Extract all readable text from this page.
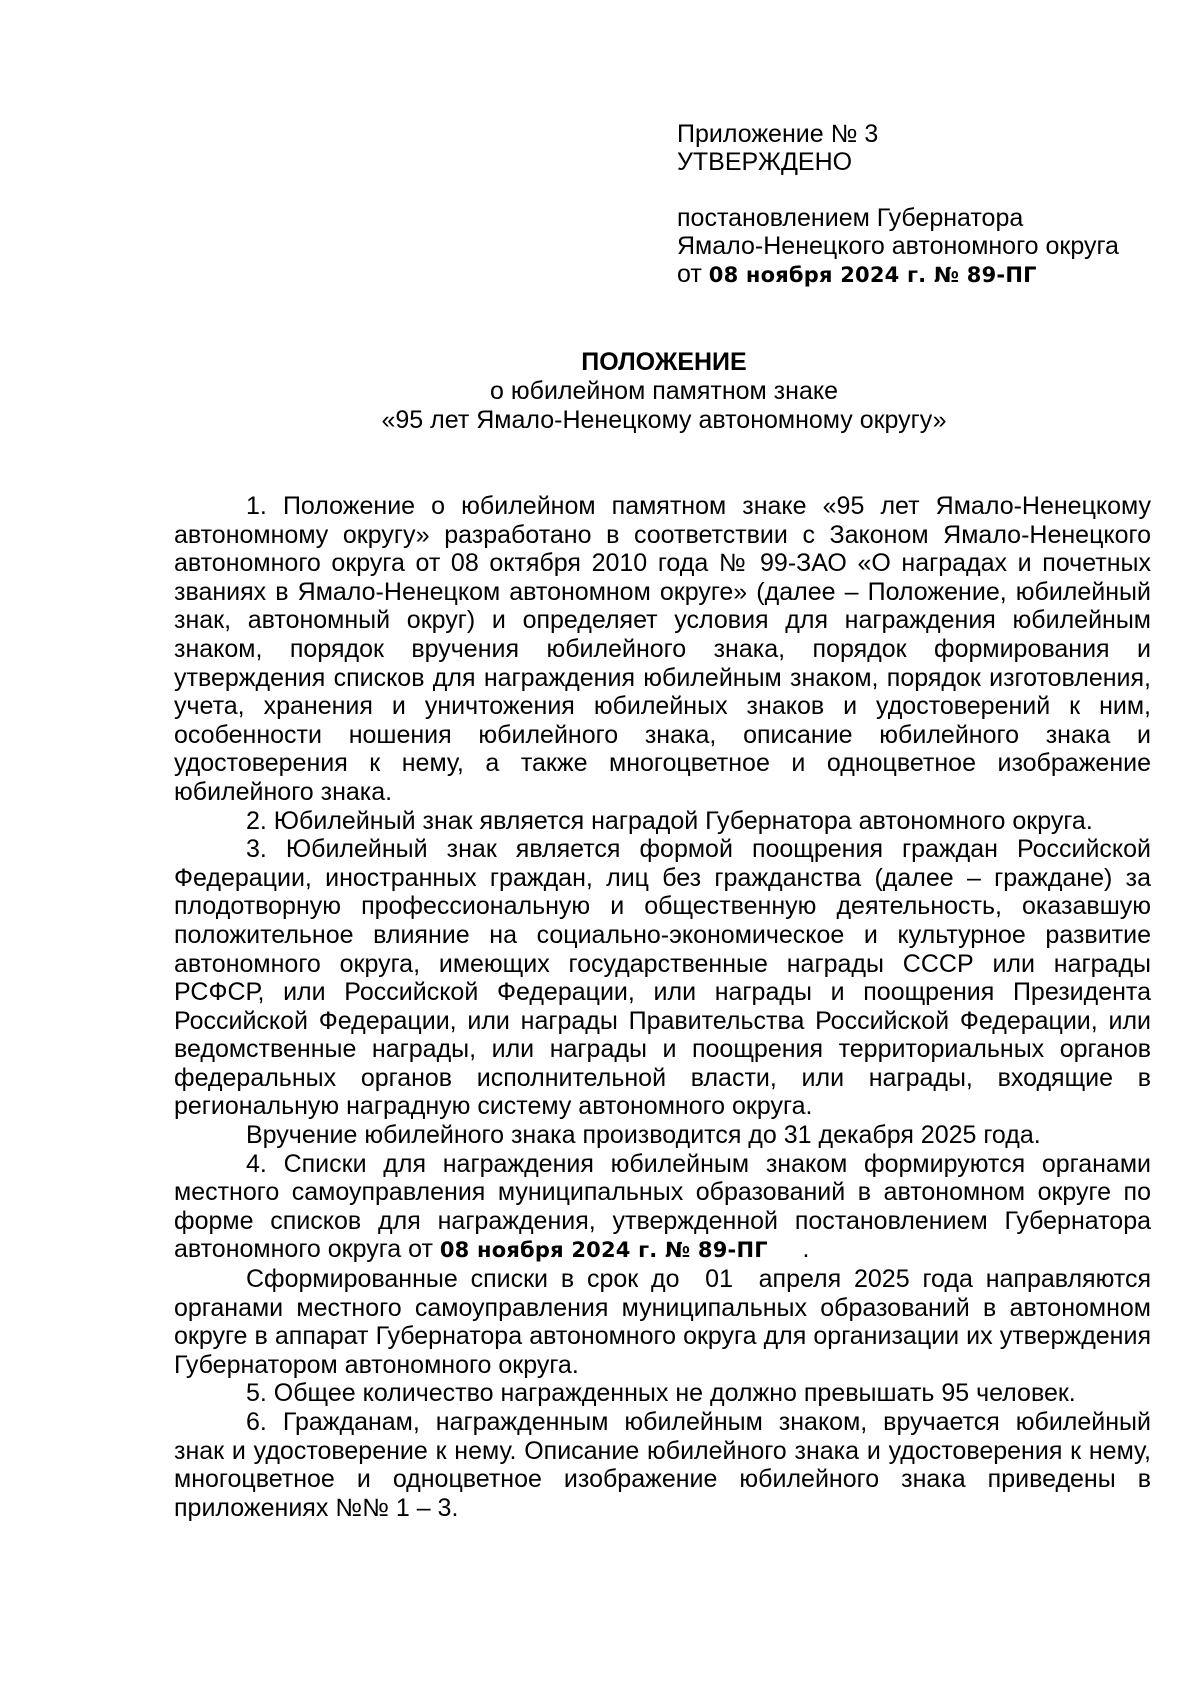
Приложение № 3
УТВЕРЖДЕНО
постановлением Губернатора
Ямало-Ненецкого автономного округа
от 08 ноября 2024 г. № 89-ПГ
ПОЛОЖЕНИЕ
о юбилейном памятном знаке
«95 лет Ямало-Ненецкому автономному округу»

1. Положение о юбилейном памятном знаке «95 лет Ямало-Ненецкому автономному округу» разработано в соответствии с Законом Ямало-Ненецкого автономного округа от 08 октября 2010 года № 99-ЗАО «О наградах и почетных званиях в Ямало-Ненецком автономном округе» (далее – Положение, юбилейный знак, автономный округ) и определяет условия для награждения юбилейным знаком, порядок вручения юбилейного знака, порядок формирования и утверждения списков для награждения юбилейным знаком, порядок изготовления, учета, хранения и уничтожения юбилейных знаков и удостоверений к ним, особенности ношения юбилейного знака, описание юбилейного знака и удостоверения к нему, а также многоцветное и одноцветное изображение юбилейного знака.

2. Юбилейный знак является наградой Губернатора автономного округа.

3. Юбилейный знак является формой поощрения граждан Российской Федерации, иностранных граждан, лиц без гражданства (далее – граждане) за плодотворную профессиональную и общественную деятельность, оказавшую положительное влияние на социально-экономическое и культурное развитие автономного округа, имеющих государственные награды СССР или награды РСФСР, или Российской Федерации, или награды и поощрения Президента Российской Федерации, или награды Правительства Российской Федерации, или ведомственные награды, или награды и поощрения территориальных органов федеральных органов исполнительной власти, или награды, входящие в региональную наградную систему автономного округа.

Вручение юбилейного знака производится до 31 декабря 2025 года.

4. Списки для награждения юбилейным знаком формируются органами местного самоуправления муниципальных образований в автономном округе по форме списков для награждения, утвержденной постановлением Губернатора автономного округа от 08 ноября 2024 г. № 89-ПГ     .

Сформированные списки в срок до  01  апреля 2025 года направляются органами местного самоуправления муниципальных образований в автономном округе в аппарат Губернатора автономного округа для организации их утверждения Губернатором автономного округа.

5. Общее количество награжденных не должно превышать 95 человек.

6. Гражданам, награжденным юбилейным знаком, вручается юбилейный знак и удостоверение к нему. Описание юбилейного знака и удостоверения к нему, многоцветное и одноцветное изображение юбилейного знака приведены в приложениях №№ 1 – 3.
